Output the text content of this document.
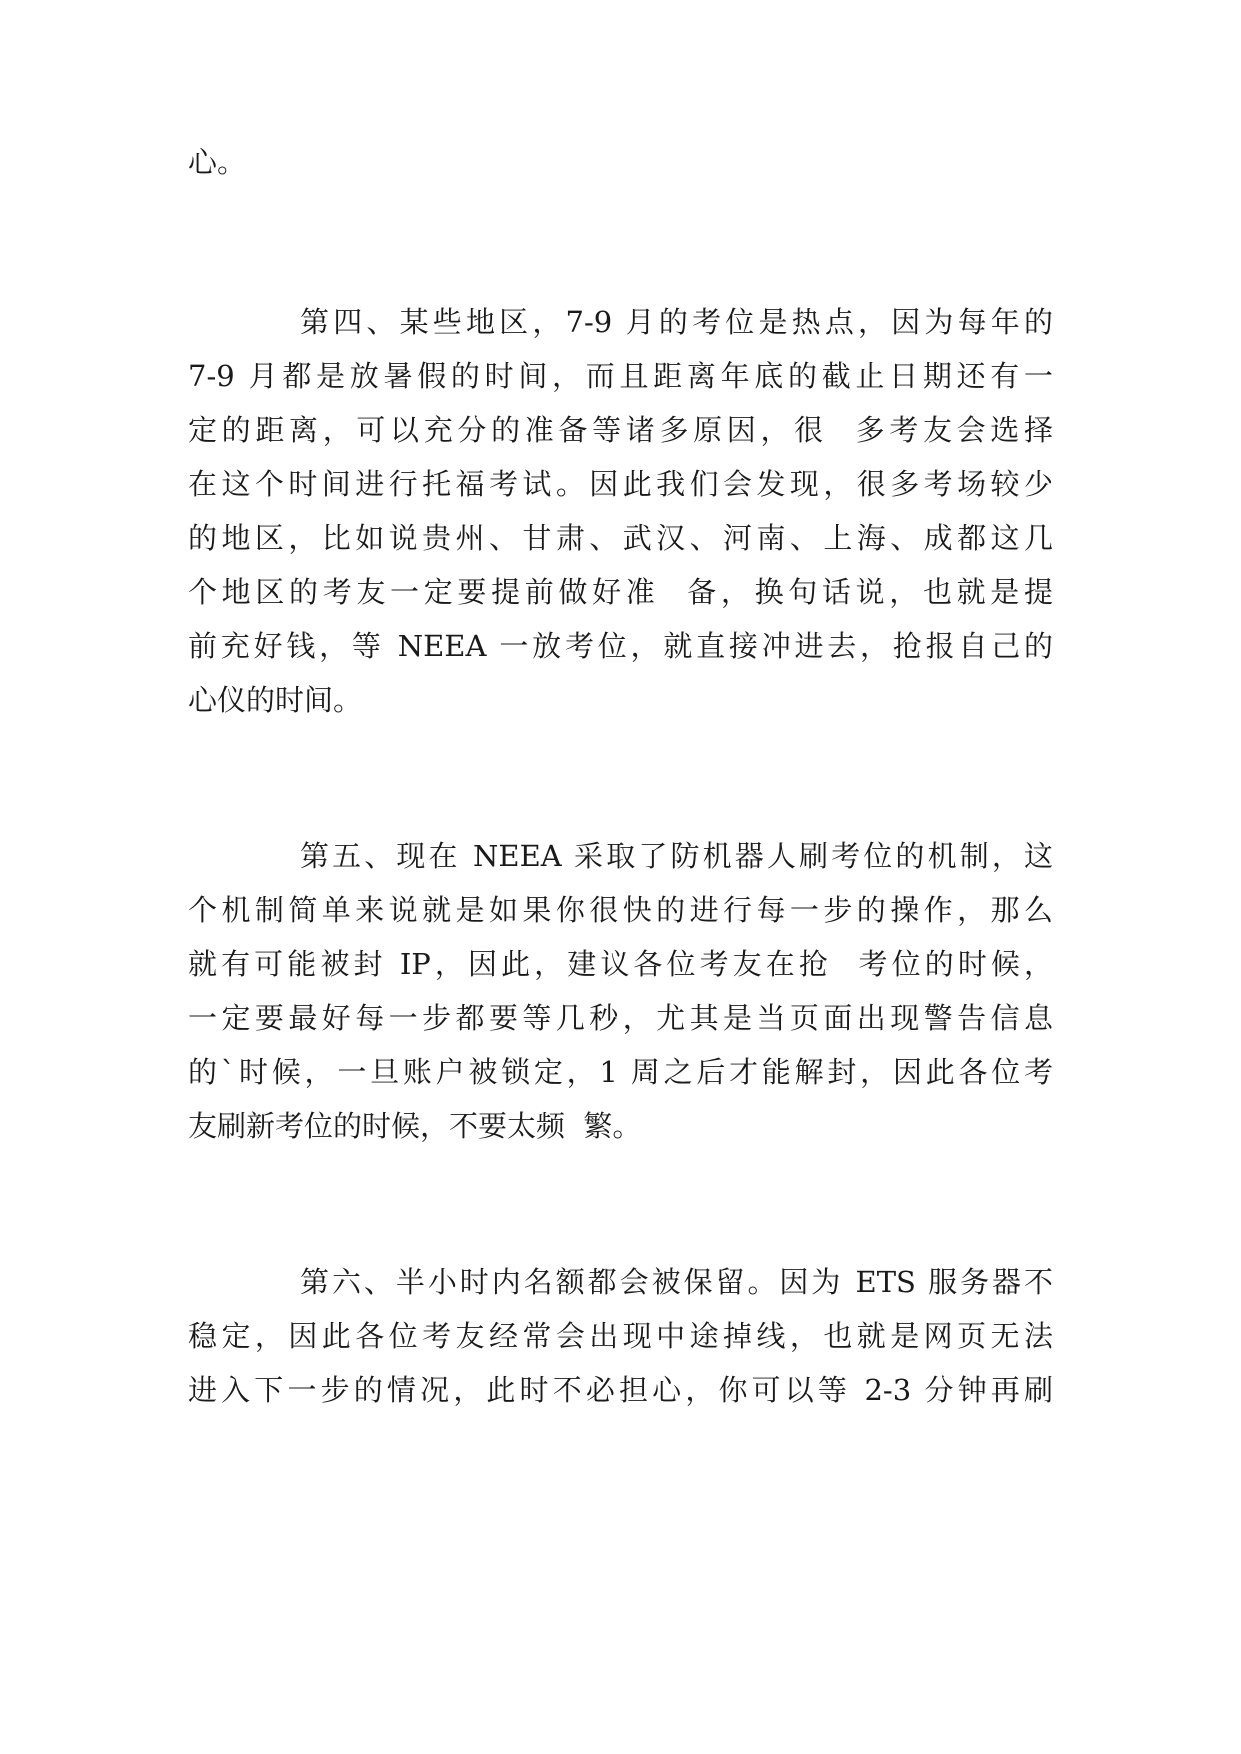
心。
第四、某些地区，7-9 月的考位是热点，因为每年的
7-9 月都是放暑假的时间，而且距离年底的截止日期还有一
定的距离，可以充分的准备等诸多原因，很  多考友会选择
在这个时间进行托福考试。因此我们会发现，很多考场较少
的地区，比如说贵州、甘肃、武汉、河南、上海、成都这几
个地区的考友一定要提前做好准  备，换句话说，也就是提
前充好钱，等 NEEA 一放考位，就直接冲进去，抢报自己的
心仪的时间。
第五、现在 NEEA 采取了防机器人刷考位的机制，这
个机制简单来说就是如果你很快的进行每一步的操作，那么
就有可能被封 IP，因此，建议各位考友在抢  考位的时候，
一定要最好每一步都要等几秒，尤其是当页面出现警告信息
的`时候，一旦账户被锁定，1 周之后才能解封，因此各位考
友刷新考位的时候，不要太频  繁。
第六、半小时内名额都会被保留。因为 ETS 服务器不
稳定，因此各位考友经常会出现中途掉线，也就是网页无法
进入下一步的情况，此时不必担心，你可以等 2-3 分钟再刷
